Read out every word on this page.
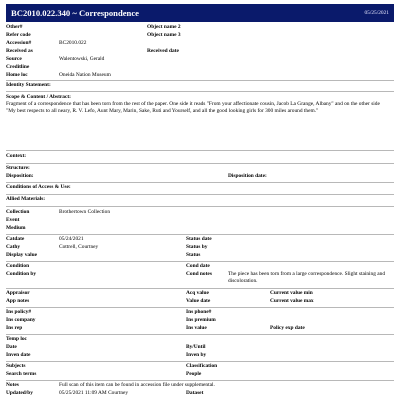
BC2010.022.340 ~ Correspondence	05/25/2021
Other#	Object name 2
Refer code	Object name 3
Accession#	BC2010.022
Received as	Received date
Source	Walentowski, Gerald
Creditline
Home loc	Oneida Nation Museum
Identity Statement:
Scope & Content / Abstract:
Fragment of a correspondence that has been torn from the rest of the paper. One side it reads "From your affectionate cousin, Jacob La Grange, Albany" and on the other side "My best respects to all neary, R. V. Lefo, Aunt Mary, Marin, Sake, Ruti and Yourself, and all the good looking girls for 300 miles around them."
Context:
Structure:
Disposition:	Disposition date:
Conditions of Access & Use:
Allied Materials:
Collection	Brothertown Collection
Event
Medium
Catdate	05/24/2021	Status date
Cathy	Cottrell, Courtney	Status by
Display value	Status
Condition	Cond date
Condition by	Cond notes	The piece has been torn from a large correspondence. Slight staining and discoloration.
Appraisor	Acq value	Current value min
App notes	Value date	Current value max
Ins policy#	Ins phone#
Ins company	Ins premium
Ins rep	Ins value	Policy exp date
Temp loc
Date	By/Until
Inven date	Inven by
Subjects	Classification
Search terms	People
Notes	Full scan of this item can be found in accession file under supplemental.
Updated/by	05/25/2021 11:09 AM Courtney	Dataset
